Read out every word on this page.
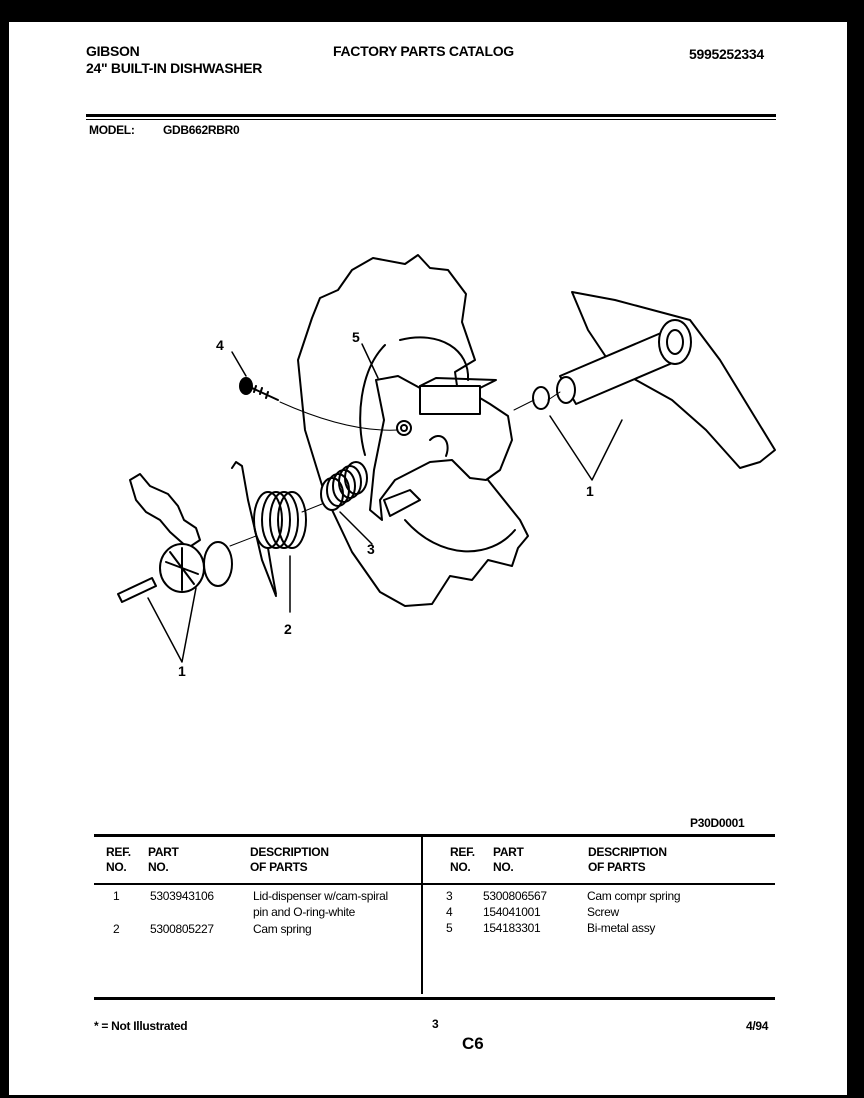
GIBSON
24" BUILT-IN DISHWASHER
FACTORY PARTS CATALOG	5995252334
MODEL: GDB662RBR0
4	5
1
3
2
1
P30D0001
REF.
NO.
PART
NO.
DESCRIPTION
OF PARTS
REF.
NO.
PART
NO.
DESCRIPTION
OF PARTS
1	5303943106	Lid-dispenser w/cam-spiral
pin and O-ring-white
2	5300805227	Cam spring
3	5300806567	Cam compr spring
4	154041001	Screw
5	154183301	Bi-metal assy
* = Not Illustrated	3
C6
4/94
